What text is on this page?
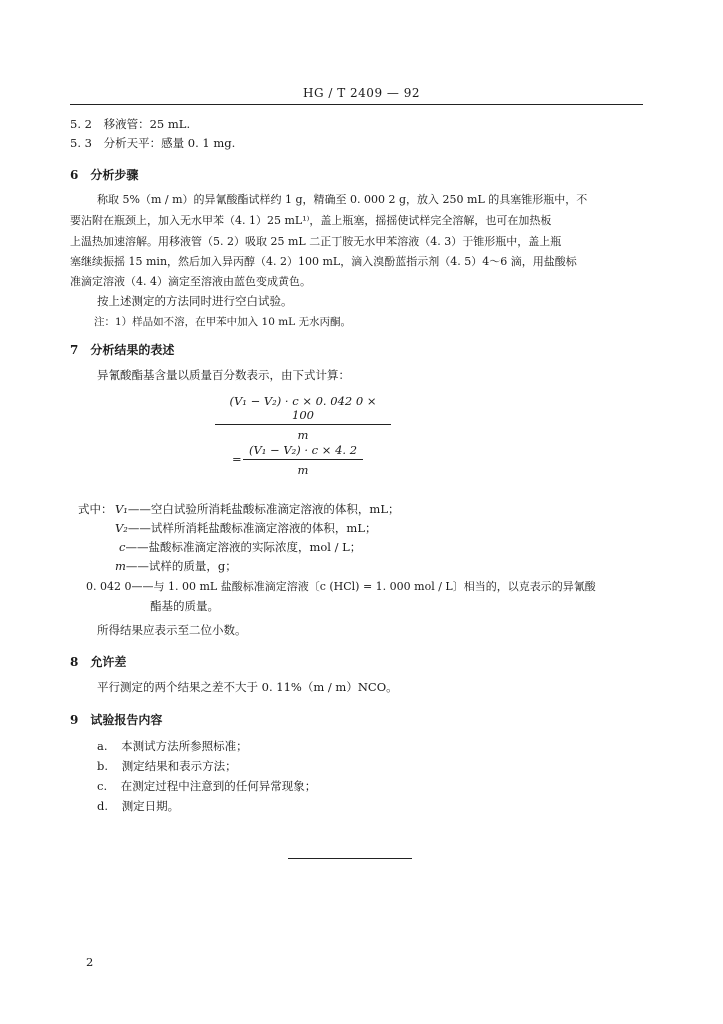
HG / T 2409 — 92
5. 2 移液管：25 mL.
5. 3 分析天平：感量 0. 1 mg.
6　分析步骤
称取 5%（m / m）的异氰酸酯试样约 1 g，精确至 0. 000 2 g，放入 250 mL 的具塞锥形瓶中，不
要沾附在瓶颈上，加入无水甲苯（4. 1）25 mL¹⁾，盖上瓶塞，摇摇使试样完全溶解，也可在加热板
上温热加速溶解。用移液管（5. 2）吸取 25 mL 二正丁胺无水甲苯溶液（4. 3）于锥形瓶中，盖上瓶
塞继续振摇 15 min，然后加入异丙醇（4. 2）100 mL，滴入溴酚蓝指示剂（4. 5）4～6 滴，用盐酸标
准滴定溶液（4. 4）滴定至溶液由蓝色变成黄色。
按上述测定的方法同时进行空白试验。
注：1）样品如不溶，在甲苯中加入 10 mL 无水丙酮。
7　分析结果的表述
异氰酸酯基含量以质量百分数表示，由下式计算：
$\frac{\text{(V₁ − V₂) · c × 0. 042 0 × 100}}{m}$
= $\frac{\text{(V₁ − V₂) · c × 4. 2}}{m}$
式中： V₁——空白试验所消耗盐酸标准滴定溶液的体积，mL；
V₂——试样所消耗盐酸标准滴定溶液的体积，mL；
c——盐酸标准滴定溶液的实际浓度，mol / L；
m——试样的质量，g；
0. 042 0——与 1. 00 mL 盐酸标准滴定溶液〔c (HCl) = 1. 000 mol / L〕相当的，以克表示的异氰酸
酯基的质量。
所得结果应表示至二位小数。
8　允许差
平行测定的两个结果之差不大于 0. 11%（m / m）NCO。
9　试验报告内容
a. 本测试方法所参照标准；
b. 测定结果和表示方法；
c. 在测定过程中注意到的任何异常现象；
d. 测定日期。
2
